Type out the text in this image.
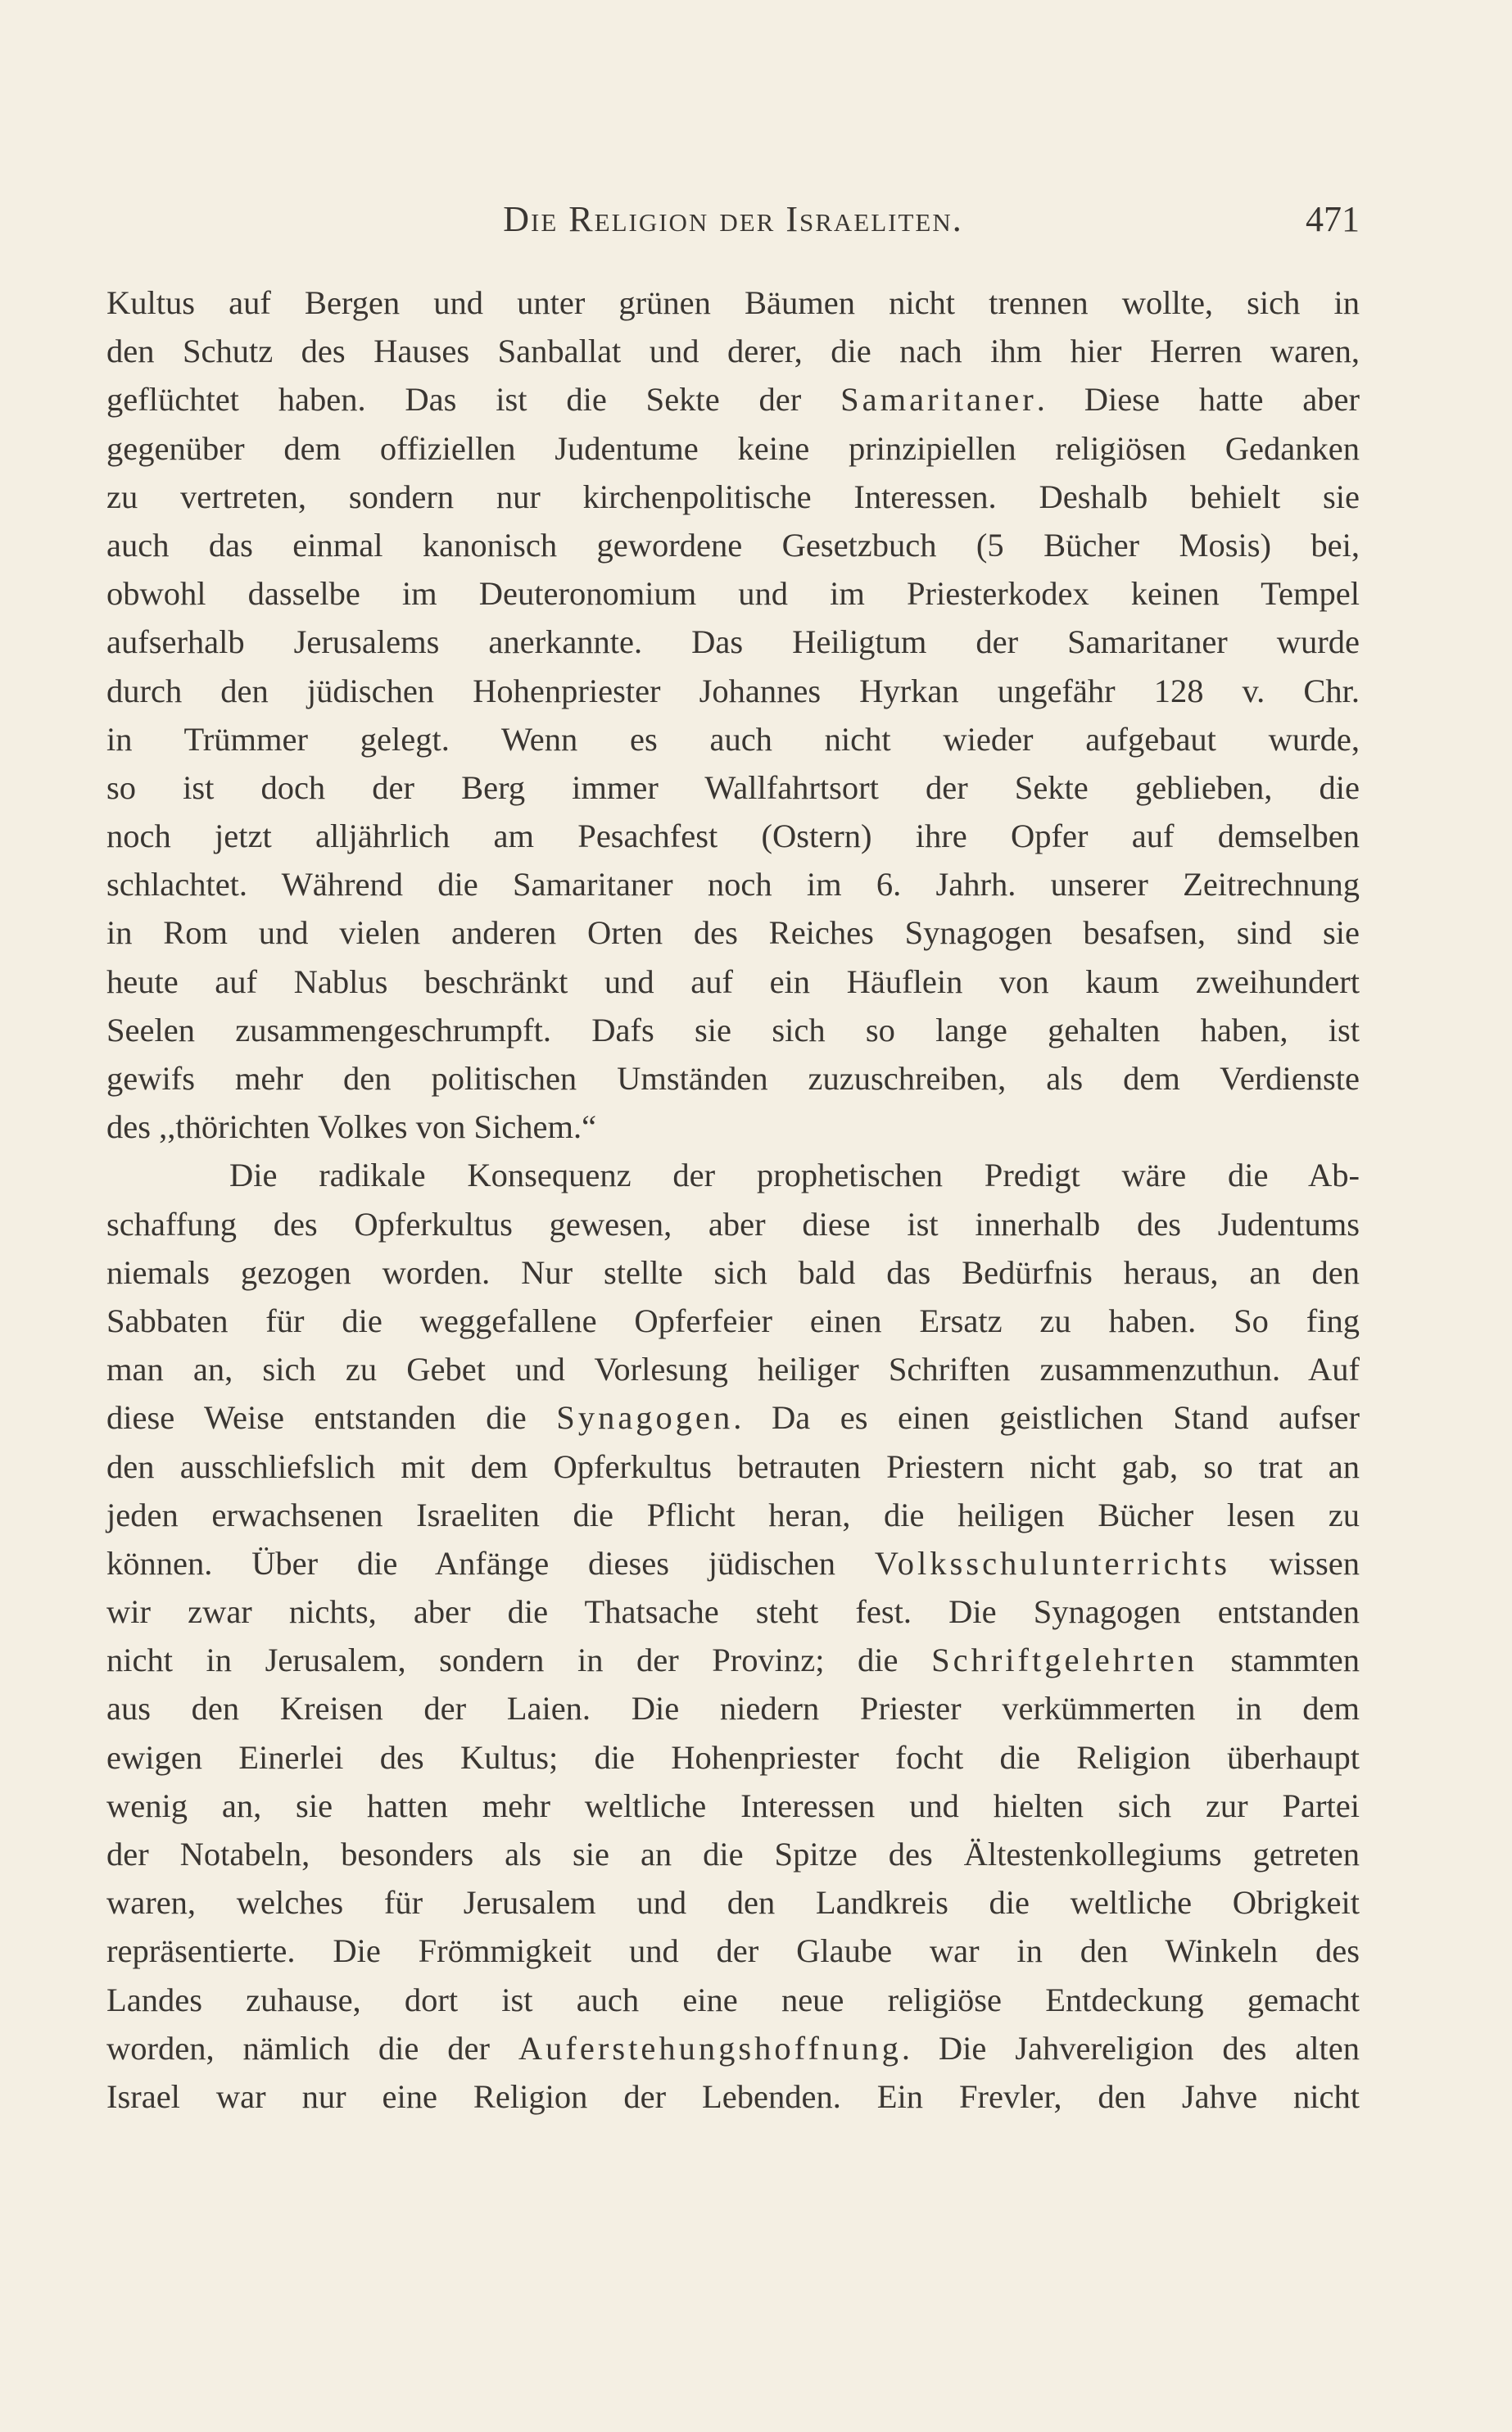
Die Religion der Israeliten.	471
Kultus auf Bergen und unter grünen Bäumen nicht trennen wollte, sich in
den Schutz des Hauses Sanballat und derer, die nach ihm hier Herren waren,
geflüchtet haben. Das ist die Sekte der Samaritaner. Diese hatte aber
gegenüber dem offiziellen Judentume keine prinzipiellen religiösen Gedanken
zu vertreten, sondern nur kirchenpolitische Interessen. Deshalb behielt sie
auch das einmal kanonisch gewordene Gesetzbuch (5 Bücher Mosis) bei,
obwohl dasselbe im Deuteronomium und im Priesterkodex keinen Tempel
aufserhalb Jerusalems anerkannte. Das Heiligtum der Samaritaner wurde
durch den jüdischen Hohenpriester Johannes Hyrkan ungefähr 128 v. Chr.
in Trümmer gelegt. Wenn es auch nicht wieder aufgebaut wurde,
so ist doch der Berg immer Wallfahrtsort der Sekte geblieben, die
noch jetzt alljährlich am Pesachfest (Ostern) ihre Opfer auf demselben
schlachtet. Während die Samaritaner noch im 6. Jahrh. unserer Zeitrechnung
in Rom und vielen anderen Orten des Reiches Synagogen besafsen, sind sie
heute auf Nablus beschränkt und auf ein Häuflein von kaum zweihundert
Seelen zusammengeschrumpft. Dafs sie sich so lange gehalten haben, ist
gewifs mehr den politischen Umständen zuzuschreiben, als dem Verdienste
des ,,thörichten Volkes von Sichem.“
Die radikale Konsequenz der prophetischen Predigt wäre die Ab-
schaffung des Opferkultus gewesen, aber diese ist innerhalb des Judentums
niemals gezogen worden. Nur stellte sich bald das Bedürfnis heraus, an den
Sabbaten für die weggefallene Opferfeier einen Ersatz zu haben. So fing
man an, sich zu Gebet und Vorlesung heiliger Schriften zusammenzuthun. Auf
diese Weise entstanden die Synagogen. Da es einen geistlichen Stand aufser
den ausschliefslich mit dem Opferkultus betrauten Priestern nicht gab, so trat an
jeden erwachsenen Israeliten die Pflicht heran, die heiligen Bücher lesen zu
können. Über die Anfänge dieses jüdischen Volksschulunterrichts wissen
wir zwar nichts, aber die Thatsache steht fest. Die Synagogen entstanden
nicht in Jerusalem, sondern in der Provinz; die Schriftgelehrten stammten
aus den Kreisen der Laien. Die niedern Priester verkümmerten in dem
ewigen Einerlei des Kultus; die Hohenpriester focht die Religion überhaupt
wenig an, sie hatten mehr weltliche Interessen und hielten sich zur Partei
der Notabeln, besonders als sie an die Spitze des Ältestenkollegiums getreten
waren, welches für Jerusalem und den Landkreis die weltliche Obrigkeit
repräsentierte. Die Frömmigkeit und der Glaube war in den Winkeln des
Landes zuhause, dort ist auch eine neue religiöse Entdeckung gemacht
worden, nämlich die der Auferstehungshoffnung. Die Jahvereligion des alten
Israel war nur eine Religion der Lebenden. Ein Frevler, den Jahve nicht
